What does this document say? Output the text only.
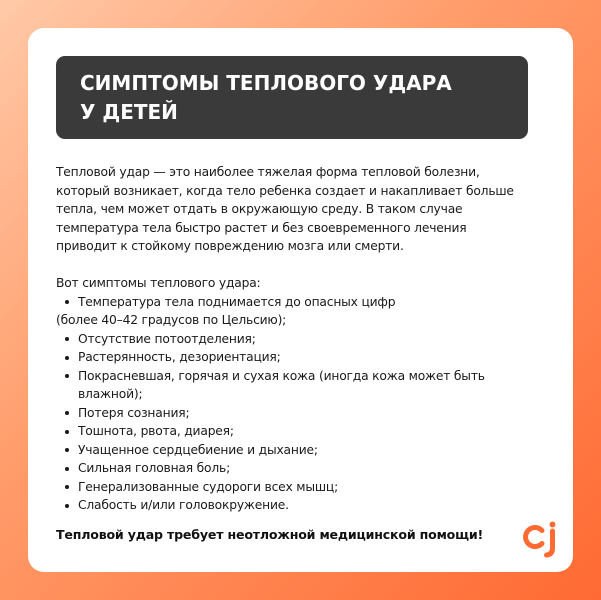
СИМПТОМЫ ТЕПЛОВОГО УДАРА
У ДЕТЕЙ
Тепловой удар — это наиболее тяжелая форма тепловой болезни,
который возникает, когда тело ребенка создает и накапливает больше
тепла, чем может отдать в окружающую среду. В таком случае
температура тела быстро растет и без своевременного лечения
приводит к стойкому повреждению мозга или смерти.
Вот симптомы теплового удара:
Температура тела поднимается до опасных цифр
(более 40–42 градусов по Цельсию);
Отсутствие потоотделения;
Растерянность, дезориентация;
Покрасневшая, горячая и сухая кожа (иногда кожа может быть
влажной);
Потеря сознания;
Тошнота, рвота, диарея;
Учащенное сердцебиение и дыхание;
Сильная головная боль;
Генерализованные судороги всех мышц;
Слабость и/или головокружение.
Тепловой удар требует неотложной медицинской помощи!
